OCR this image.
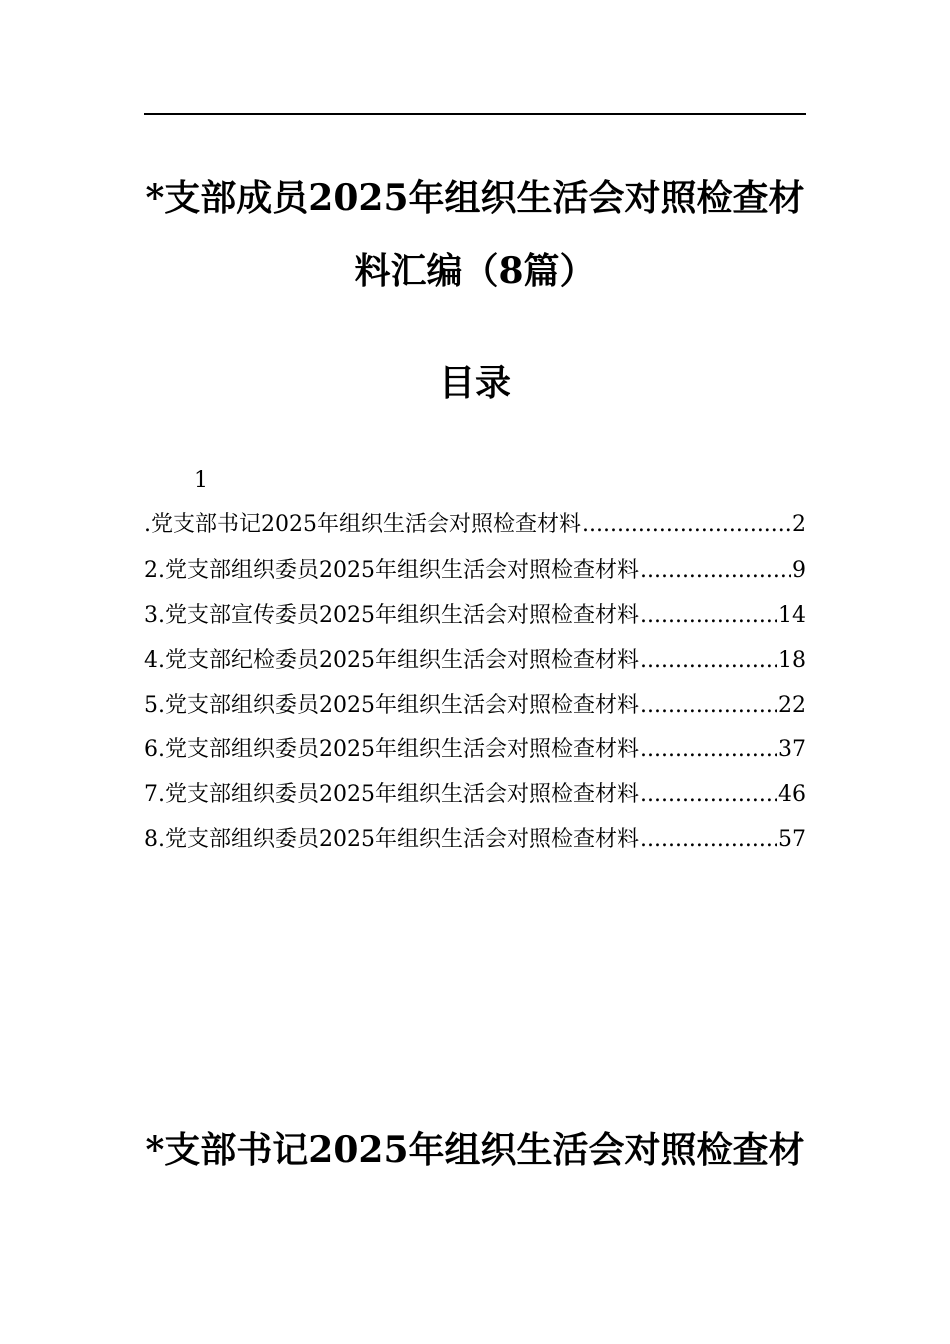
*支部成员2025年组织生活会对照检查材
料汇编（8篇）
目录
1
.党支部书记2025年组织生活会对照检查材料 .....	2
2.党支部组织委员2025年组织生活会对照检查材料 .....	9
3.党支部宣传委员2025年组织生活会对照检查材料 .....	14
4.党支部纪检委员2025年组织生活会对照检查材料 .....	18
5.党支部组织委员2025年组织生活会对照检查材料 .....	22
6.党支部组织委员2025年组织生活会对照检查材料 .....	37
7.党支部组织委员2025年组织生活会对照检查材料 .....	46
8.党支部组织委员2025年组织生活会对照检查材料 .....	57
*支部书记2025年组织生活会对照检查材
